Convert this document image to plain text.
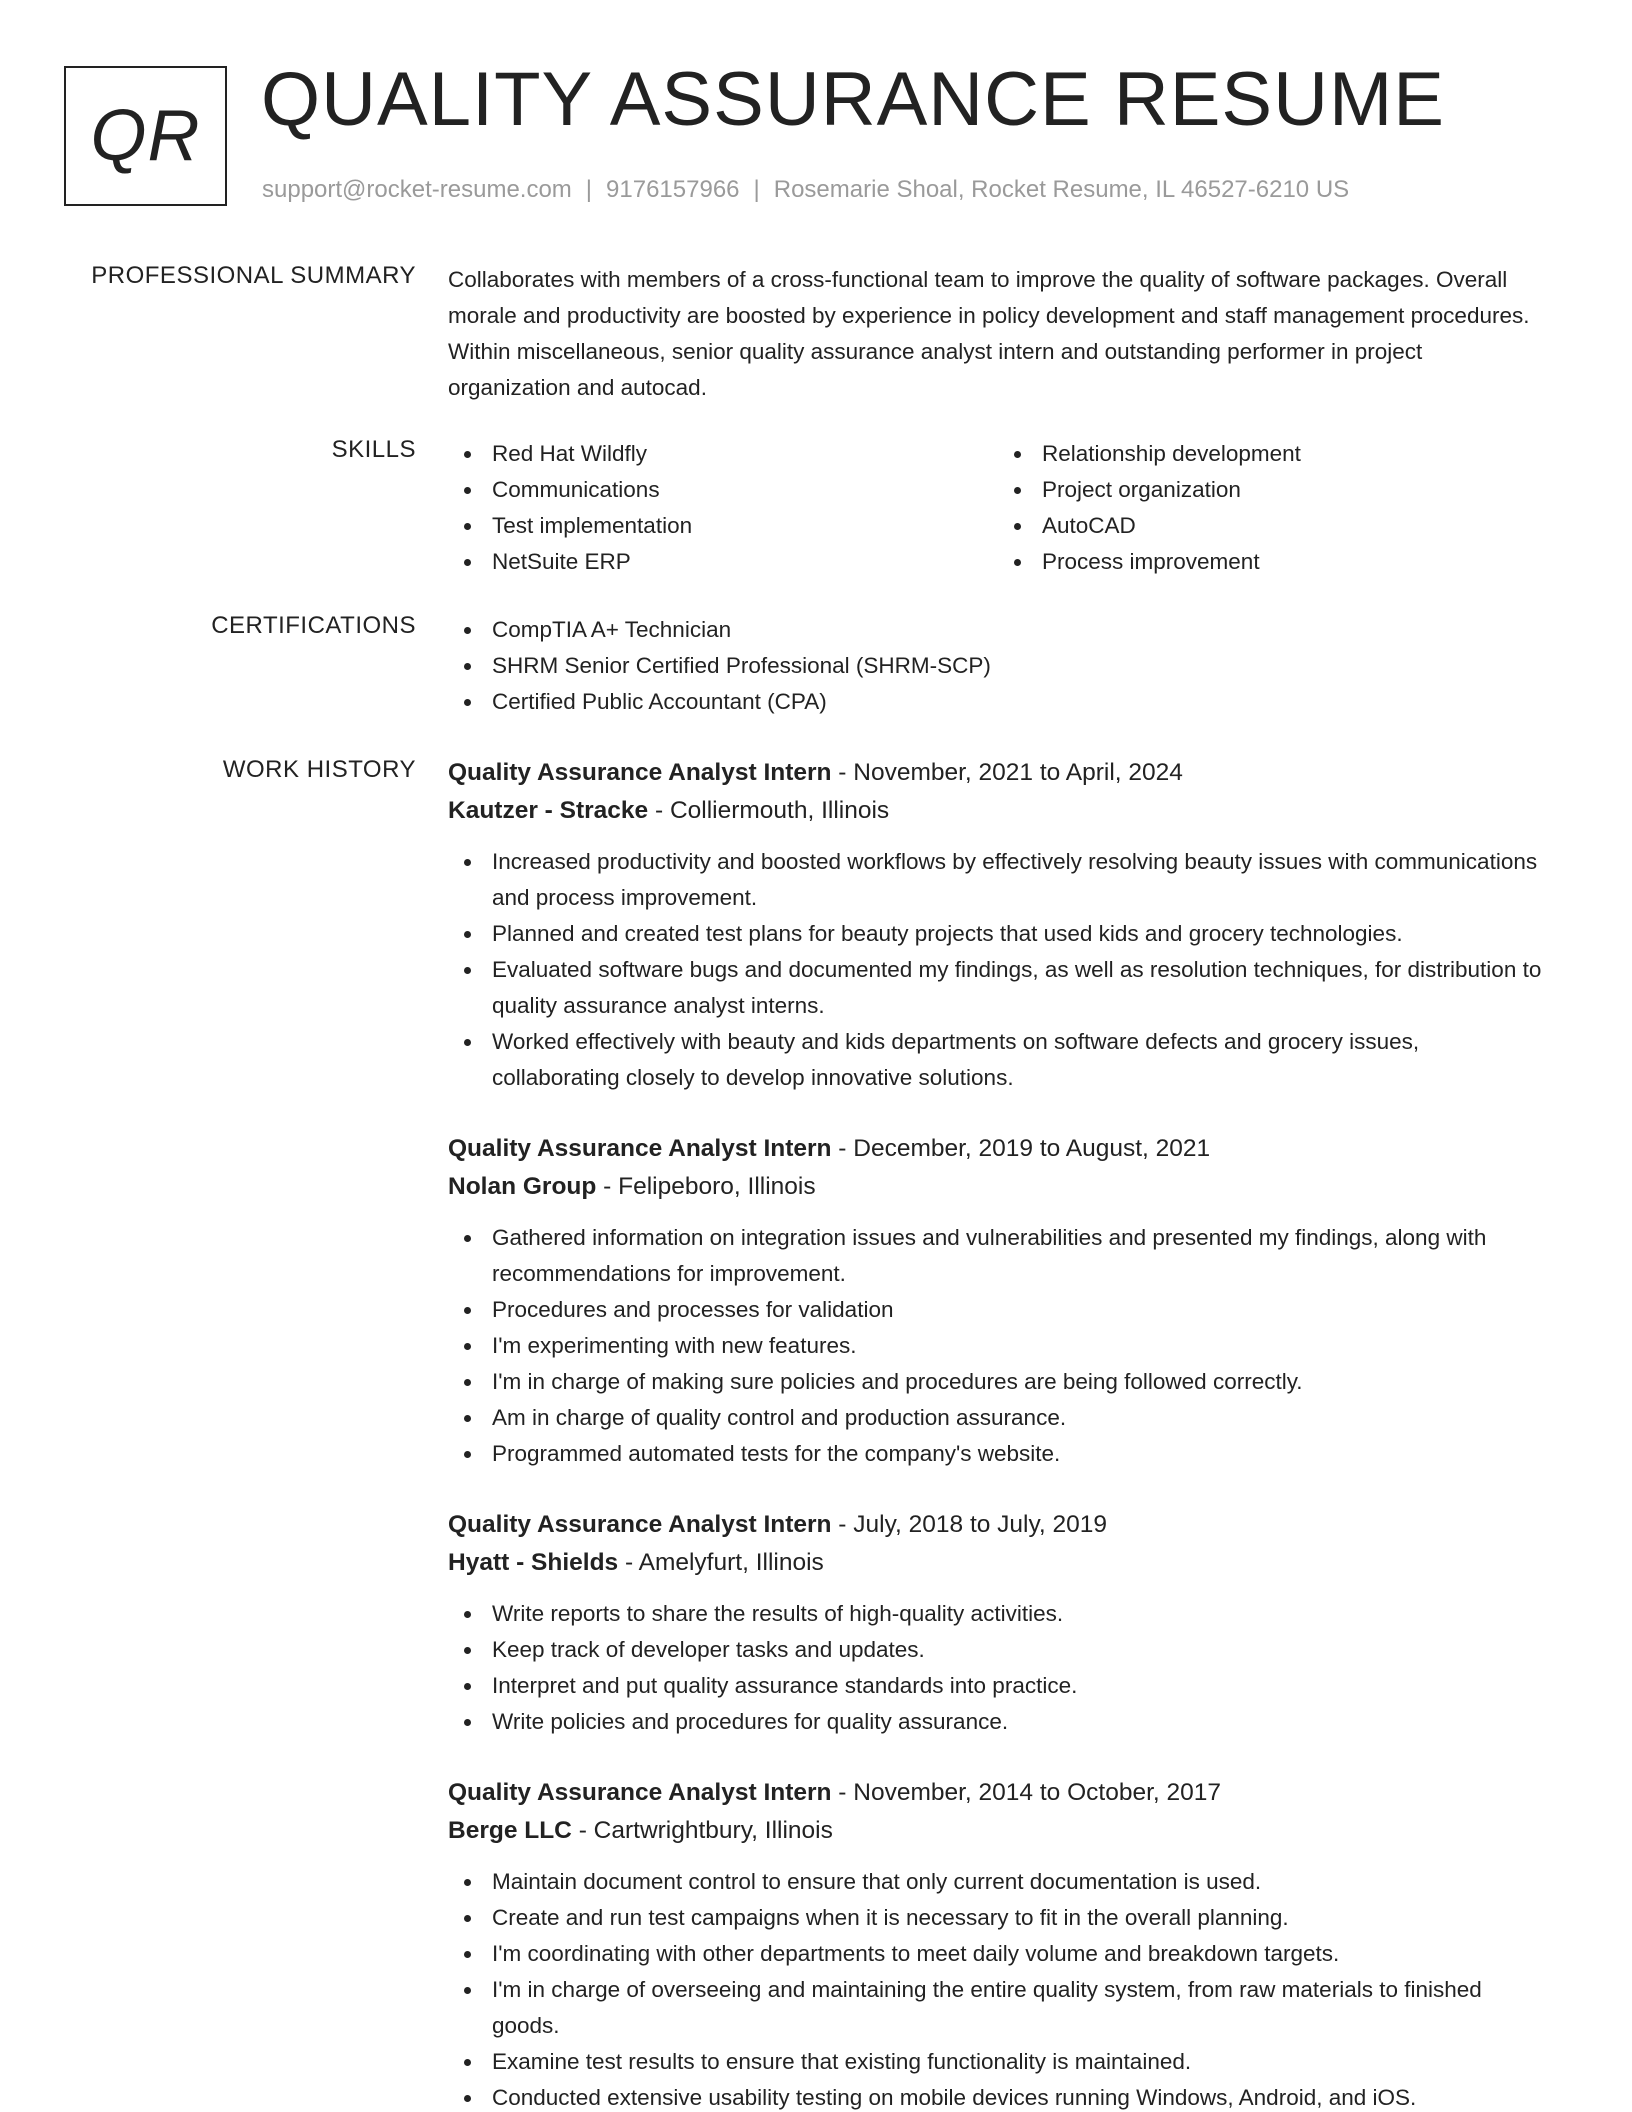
QR QUALITY ASSURANCE RESUME
support@rocket-resume.com | 9176157966 | Rosemarie Shoal, Rocket Resume, IL 46527-6210 US
PROFESSIONAL SUMMARY Collaborates with members of a cross-functional team to improve the quality of software packages. Overall morale and productivity are boosted by experience in policy development and staff management procedures. Within miscellaneous, senior quality assurance analyst intern and outstanding performer in project organization and autocad.

SKILLS	Red Hat Wildfly
Communications
Test implementation
NetSuite ERP
Relationship development
Project organization
AutoCAD
Process improvement
CERTIFICATIONS	CompTIA A+ Technician
SHRM Senior Certified Professional (SHRM-SCP)
Certified Public Accountant (CPA)
WORK HISTORY Quality Assurance Analyst Intern - November, 2021 to April, 2024
Kautzer - Stracke - Colliermouth, Illinois
Increased productivity and boosted workflows by effectively resolving beauty issues with communications and process improvement.
Planned and created test plans for beauty projects that used kids and grocery technologies.
Evaluated software bugs and documented my findings, as well as resolution techniques, for distribution to quality assurance analyst interns.
Worked effectively with beauty and kids departments on software defects and grocery issues, collaborating closely to develop innovative solutions.
Quality Assurance Analyst Intern - December, 2019 to August, 2021
Nolan Group - Felipeboro, Illinois
Gathered information on integration issues and vulnerabilities and presented my findings, along with recommendations for improvement.
Procedures and processes for validation
I'm experimenting with new features.
I'm in charge of making sure policies and procedures are being followed correctly.
Am in charge of quality control and production assurance.
Programmed automated tests for the company's website.
Quality Assurance Analyst Intern - July, 2018 to July, 2019
Hyatt - Shields - Amelyfurt, Illinois
Write reports to share the results of high-quality activities.
Keep track of developer tasks and updates.
Interpret and put quality assurance standards into practice.
Write policies and procedures for quality assurance.
Quality Assurance Analyst Intern - November, 2014 to October, 2017
Berge LLC - Cartwrightbury, Illinois
Maintain document control to ensure that only current documentation is used.
Create and run test campaigns when it is necessary to fit in the overall planning.
I'm coordinating with other departments to meet daily volume and breakdown targets.
I'm in charge of overseeing and maintaining the entire quality system, from raw materials to finished goods.
Examine test results to ensure that existing functionality is maintained.
Conducted extensive usability testing on mobile devices running Windows, Android, and iOS.
